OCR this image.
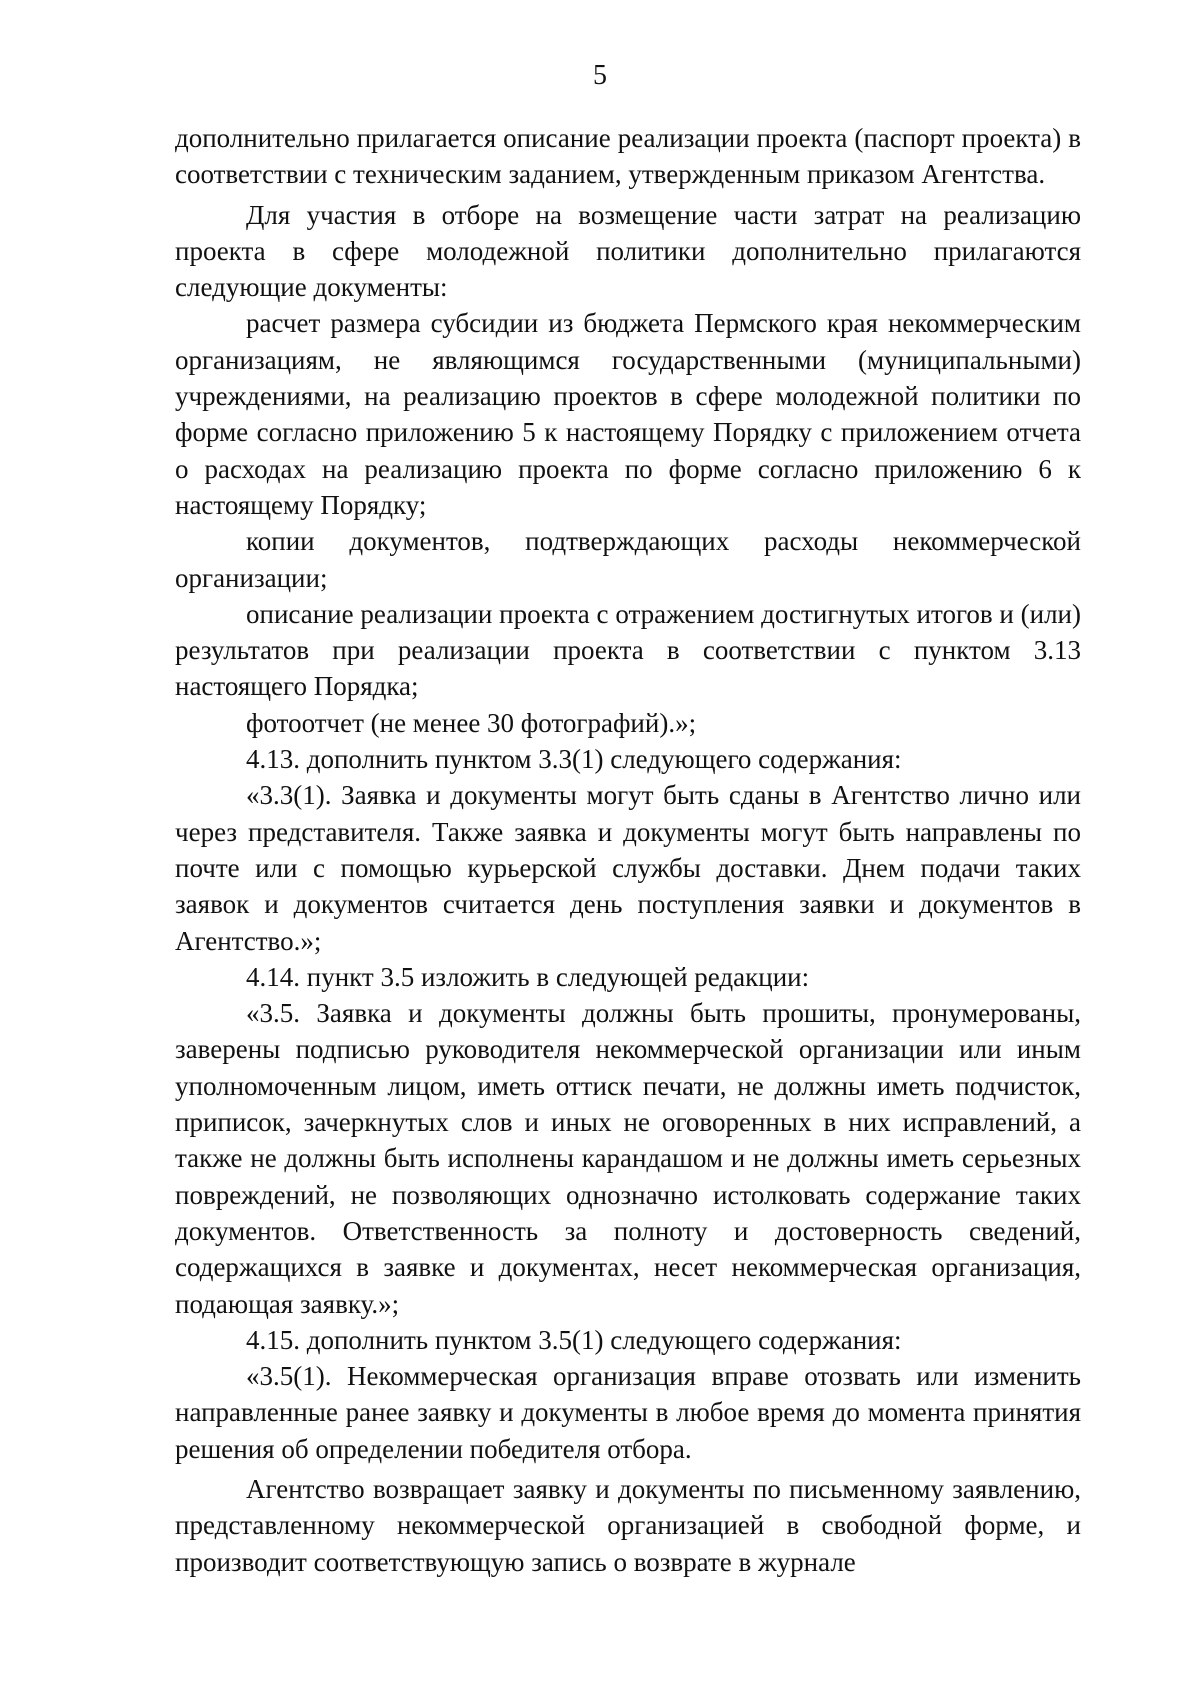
5

дополнительно прилагается описание реализации проекта (паспорт проекта) в соответствии с техническим заданием, утвержденным приказом Агентства.

Для участия в отборе на возмещение части затрат на реализацию проекта в сфере молодежной политики дополнительно прилагаются следующие документы:

расчет размера субсидии из бюджета Пермского края некоммерческим организациям, не являющимся государственными (муниципальными) учреждениями, на реализацию проектов в сфере молодежной политики по форме согласно приложению 5 к настоящему Порядку с приложением отчета о расходах на реализацию проекта по форме согласно приложению 6 к настоящему Порядку;

копии документов, подтверждающих расходы некоммерческой организации;

описание реализации проекта с отражением достигнутых итогов и (или) результатов при реализации проекта в соответствии с пунктом 3.13 настоящего Порядка;

фотоотчет (не менее 30 фотографий).»;

4.13. дополнить пунктом 3.3(1) следующего содержания:

«3.3(1). Заявка и документы могут быть сданы в Агентство лично или через представителя. Также заявка и документы могут быть направлены по почте или с помощью курьерской службы доставки. Днем подачи таких заявок и документов считается день поступления заявки и документов в Агентство.»;

4.14. пункт 3.5 изложить в следующей редакции:

«3.5. Заявка и документы должны быть прошиты, пронумерованы, заверены подписью руководителя некоммерческой организации или иным уполномоченным лицом, иметь оттиск печати, не должны иметь подчисток, приписок, зачеркнутых слов и иных не оговоренных в них исправлений, а также не должны быть исполнены карандашом и не должны иметь серьезных повреждений, не позволяющих однозначно истолковать содержание таких документов. Ответственность за полноту и достоверность сведений, содержащихся в заявке и документах, несет некоммерческая организация, подающая заявку.»;

4.15. дополнить пунктом 3.5(1) следующего содержания:

«3.5(1). Некоммерческая организация вправе отозвать или изменить направленные ранее заявку и документы в любое время до момента принятия решения об определении победителя отбора.

Агентство возвращает заявку и документы по письменному заявлению, представленному некоммерческой организацией в свободной форме, и производит соответствующую запись о возврате в журнале
